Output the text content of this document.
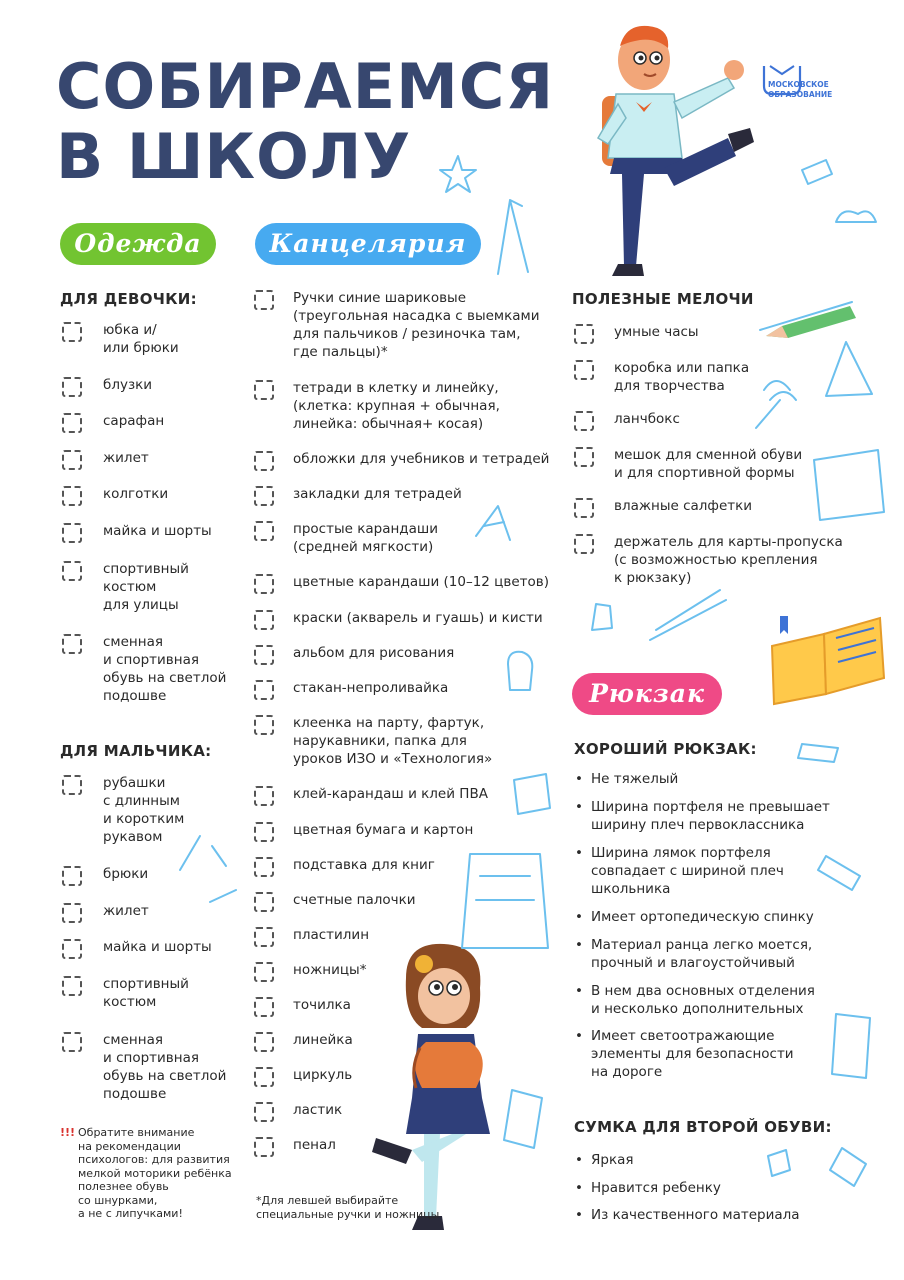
СОБИРАЕМСЯ
В ШКОЛУ
МОСКОВСКОЕ
ОБРАЗОВАНИЕ
Одежда	Канцелярия
Рюкзак
ДЛЯ ДЕВОЧКИ:
юбка и/
или брюки
блузки
сарафан
жилет
колготки
майка и шорты
спортивный
костюм
для улицы
сменная
и спортивная
обувь на светлой
подошве
ДЛЯ МАЛЬЧИКА:
рубашки
с длинным
и коротким
рукавом
брюки
жилет
майка и шорты
спортивный
костюм
сменная
и спортивная
обувь на светлой
подошве
!!! Обратите внимание
на рекомендации
психологов: для развития
мелкой моторики ребёнка
полезнее обувь
со шнурками,
а не с липучками!
Ручки синие шариковые
(треугольная насадка с выемками
для пальчиков / резиночка там,
где пальцы)*
тетради в клетку и линейку,
(клетка: крупная + обычная,
линейка: обычная+ косая)
обложки для учебников и тетрадей
закладки для тетрадей
простые карандаши
(средней мягкости)
цветные карандаши (10–12 цветов)
краски (акварель и гуашь) и кисти
альбом для рисования
стакан-непроливайка
клеенка на парту, фартук,
нарукавники, папка для
уроков ИЗО и «Технология»
клей-карандаш и клей ПВА
цветная бумага и картон
подставка для книг
счетные палочки
пластилин
ножницы*
точилка
линейка
циркуль
ластик
пенал
*Для левшей выбирайте
специальные ручки и ножницы
ПОЛЕЗНЫЕ МЕЛОЧИ
умные часы
коробка или папка
для творчества
ланчбокс
мешок для сменной обуви
и для спортивной формы
влажные салфетки
держатель для карты-пропуска
(с возможностью крепления
к рюкзаку)
ХОРОШИЙ РЮКЗАК:
• Не тяжелый
• Ширина портфеля не превышает
ширину плеч первоклассника
• Ширина лямок портфеля
совпадает с шириной плеч
школьника
• Имеет ортопедическую спинку
• Материал ранца легко моется,
прочный и влагоустойчивый
• В нем два основных отделения
и несколько дополнительных
• Имеет светоотражающие
элементы для безопасности
на дороге
СУМКА ДЛЯ ВТОРОЙ ОБУВИ:
• Яркая
• Нравится ребенку
• Из качественного материала
